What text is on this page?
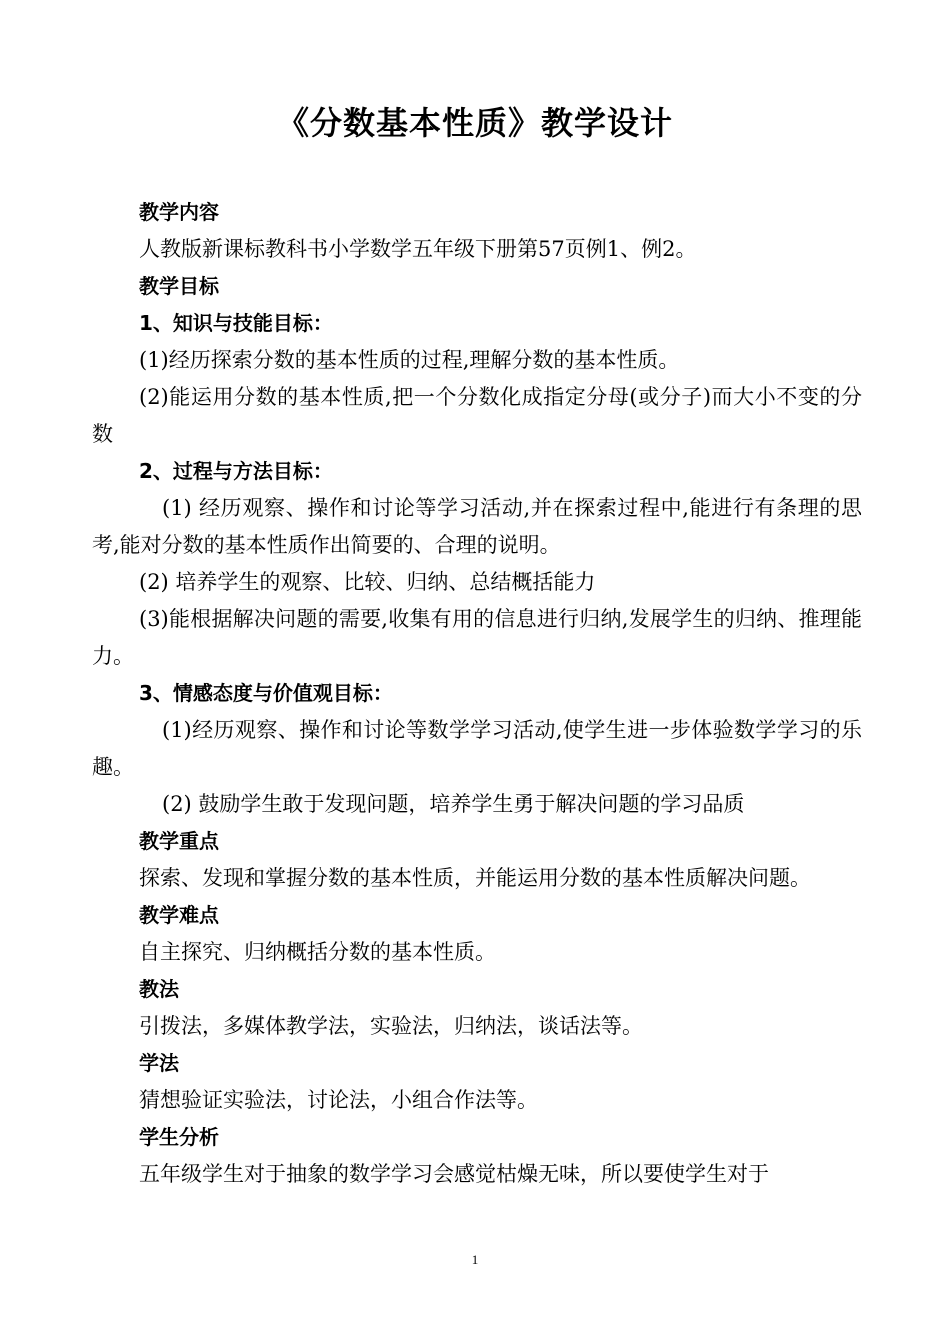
《分数基本性质》教学设计
教学内容
人教版新课标教科书小学数学五年级下册第57页例1、例2。
教学目标
1、知识与技能目标：
(1)经历探索分数的基本性质的过程,理解分数的基本性质。
(2)能运用分数的基本性质,把一个分数化成指定分母(或分子)而大小不变的分数
2、过程与方法目标：
(1) 经历观察、操作和讨论等学习活动,并在探索过程中,能进行有条理的思考,能对分数的基本性质作出简要的、合理的说明。
(2) 培养学生的观察、比较、归纳、总结概括能力
(3)能根据解决问题的需要,收集有用的信息进行归纳,发展学生的归纳、推理能力。
3、情感态度与价值观目标：
(1)经历观察、操作和讨论等数学学习活动,使学生进一步体验数学学习的乐趣。
(2) 鼓励学生敢于发现问题，培养学生勇于解决问题的学习品质
教学重点
探索、发现和掌握分数的基本性质，并能运用分数的基本性质解决问题。
教学难点
自主探究、归纳概括分数的基本性质。
教法
引拨法，多媒体教学法，实验法，归纳法，谈话法等。
学法
猜想验证实验法，讨论法，小组合作法等。
学生分析
五年级学生对于抽象的数学学习会感觉枯燥无味，所以要使学生对于
1
